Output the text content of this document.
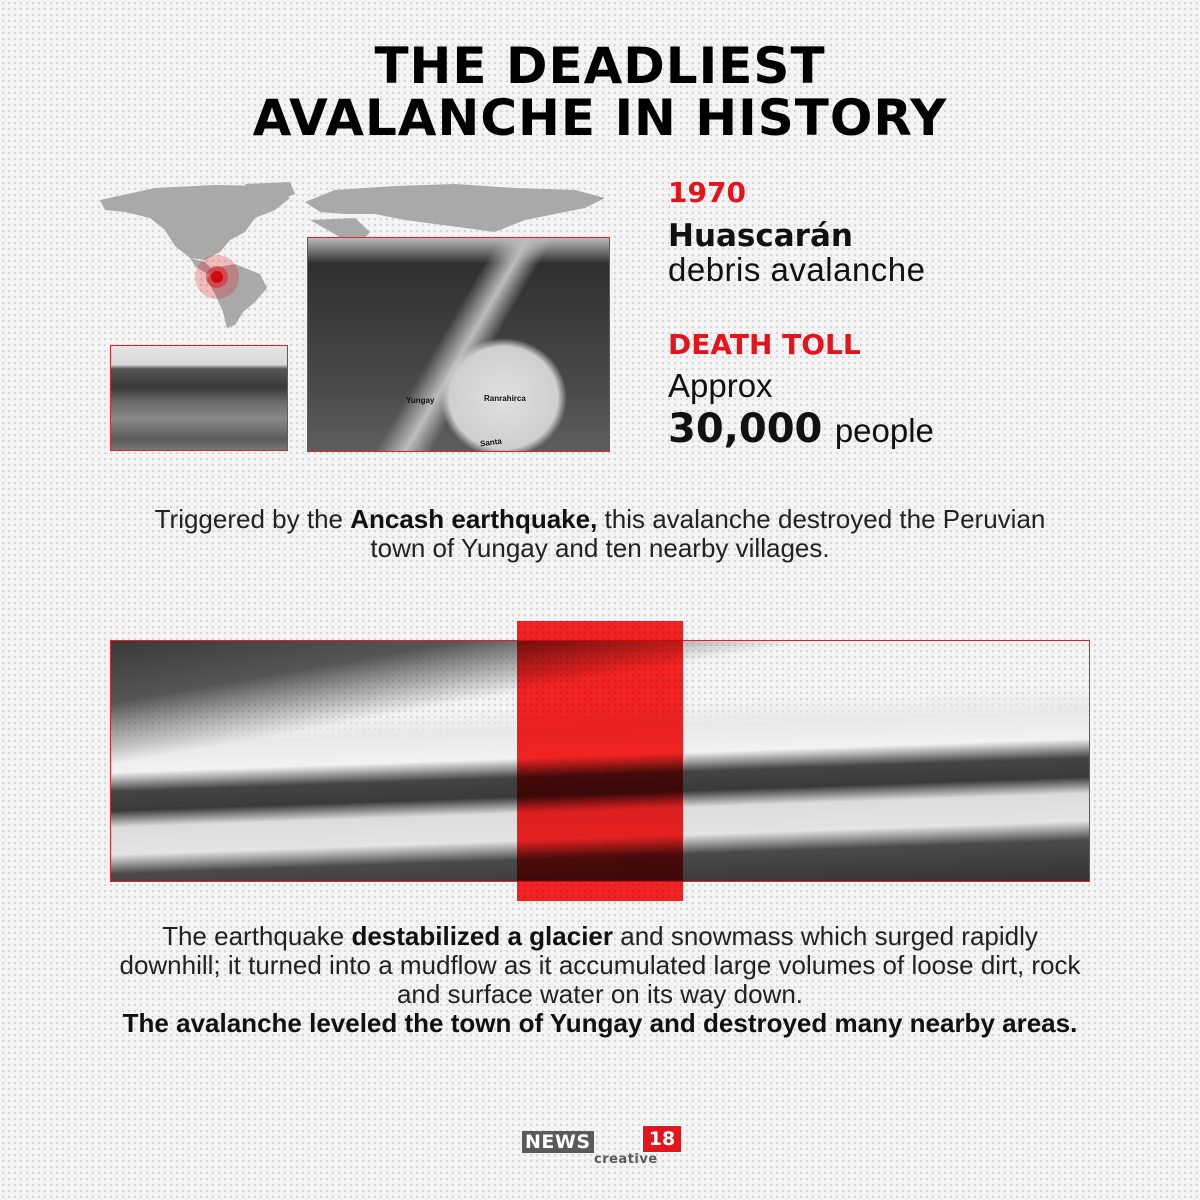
THE DEADLIEST
AVALANCHE IN HISTORY
Yungay	Ranrahirca
Santa
1970
Huascarán
debris avalanche
DEATH TOLL
Approx
30,000 people
Triggered by the Ancash earthquake, this avalanche destroyed the Peruvian town of Yungay and ten nearby villages.
The earthquake destabilized a glacier and snowmass which surged rapidly downhill; it turned into a mudflow as it accumulated large volumes of loose dirt, rock and surface water on its way down.
The avalanche leveled the town of Yungay and destroyed many nearby areas.
NEWS	18
creative
